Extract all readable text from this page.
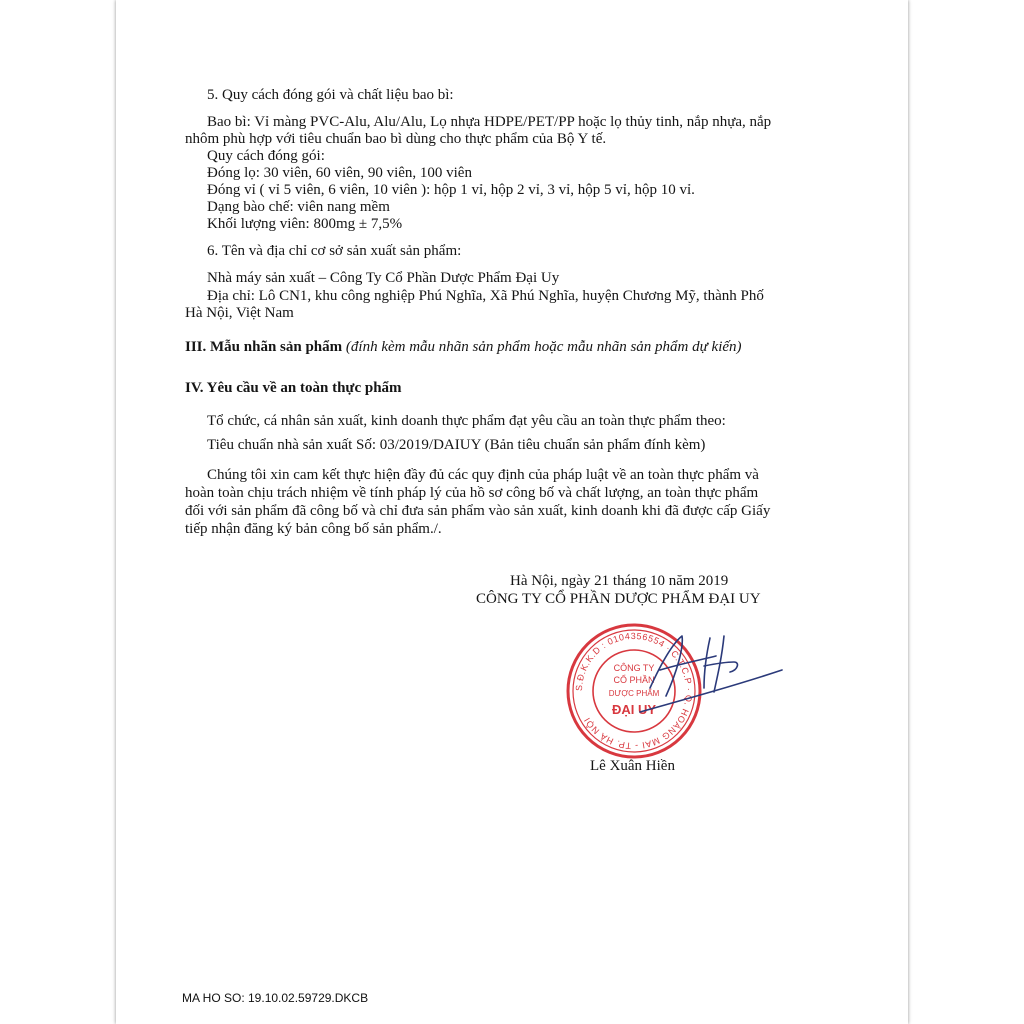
5. Quy cách đóng gói và chất liệu bao bì:
Bao bì: Vỉ màng PVC-Alu, Alu/Alu, Lọ nhựa HDPE/PET/PP hoặc lọ thủy tinh, nắp nhựa, nắp
nhôm phù hợp với tiêu chuẩn bao bì dùng cho thực phẩm của Bộ Y tế.
Quy cách đóng gói:
Đóng lọ: 30 viên, 60 viên, 90 viên, 100 viên
Đóng vỉ ( vỉ 5 viên, 6 viên, 10 viên ): hộp 1 vỉ, hộp 2 vỉ, 3 vỉ, hộp 5 vỉ, hộp 10 vỉ.
Dạng bào chế: viên nang mềm
Khối lượng viên: 800mg ± 7,5%
6. Tên và địa chỉ cơ sở sản xuất sản phẩm:
Nhà máy sản xuất – Công Ty Cổ Phần Dược Phẩm Đại Uy
Địa chỉ: Lô CN1, khu công nghiệp Phú Nghĩa, Xã Phú Nghĩa, huyện Chương Mỹ, thành Phố
Hà Nội, Việt Nam
III. Mẫu nhãn sản phẩm (đính kèm mẫu nhãn sản phẩm hoặc mẫu nhãn sản phẩm dự kiến)
IV. Yêu cầu về an toàn thực phẩm
Tổ chức, cá nhân sản xuất, kinh doanh thực phẩm đạt yêu cầu an toàn thực phẩm theo:
Tiêu chuẩn nhà sản xuất Số: 03/2019/DAIUY (Bản tiêu chuẩn sản phẩm đính kèm)
Chúng tôi xin cam kết thực hiện đầy đủ các quy định của pháp luật về an toàn thực phẩm và
hoàn toàn chịu trách nhiệm về tính pháp lý của hồ sơ công bố và chất lượng, an toàn thực phẩm
đối với sản phẩm đã công bố và chỉ đưa sản phẩm vào sản xuất, kinh doanh khi đã được cấp Giấy
tiếp nhận đăng ký bản công bố sản phẩm./.
Hà Nội, ngày 21 tháng 10 năm 2019
CÔNG TY CỔ PHẦN DƯỢC PHẨM ĐẠI UY
S.Đ.K.K.D : 0104356554 · C.T.C.P · Q. HOÀNG MAI - TP. HÀ NỘI
CÔNG TY
CỔ PHẦN
DƯỢC PHẨM
ĐẠI UY
Lê Xuân Hiền
MA HO SO: 19.10.02.59729.DKCB
